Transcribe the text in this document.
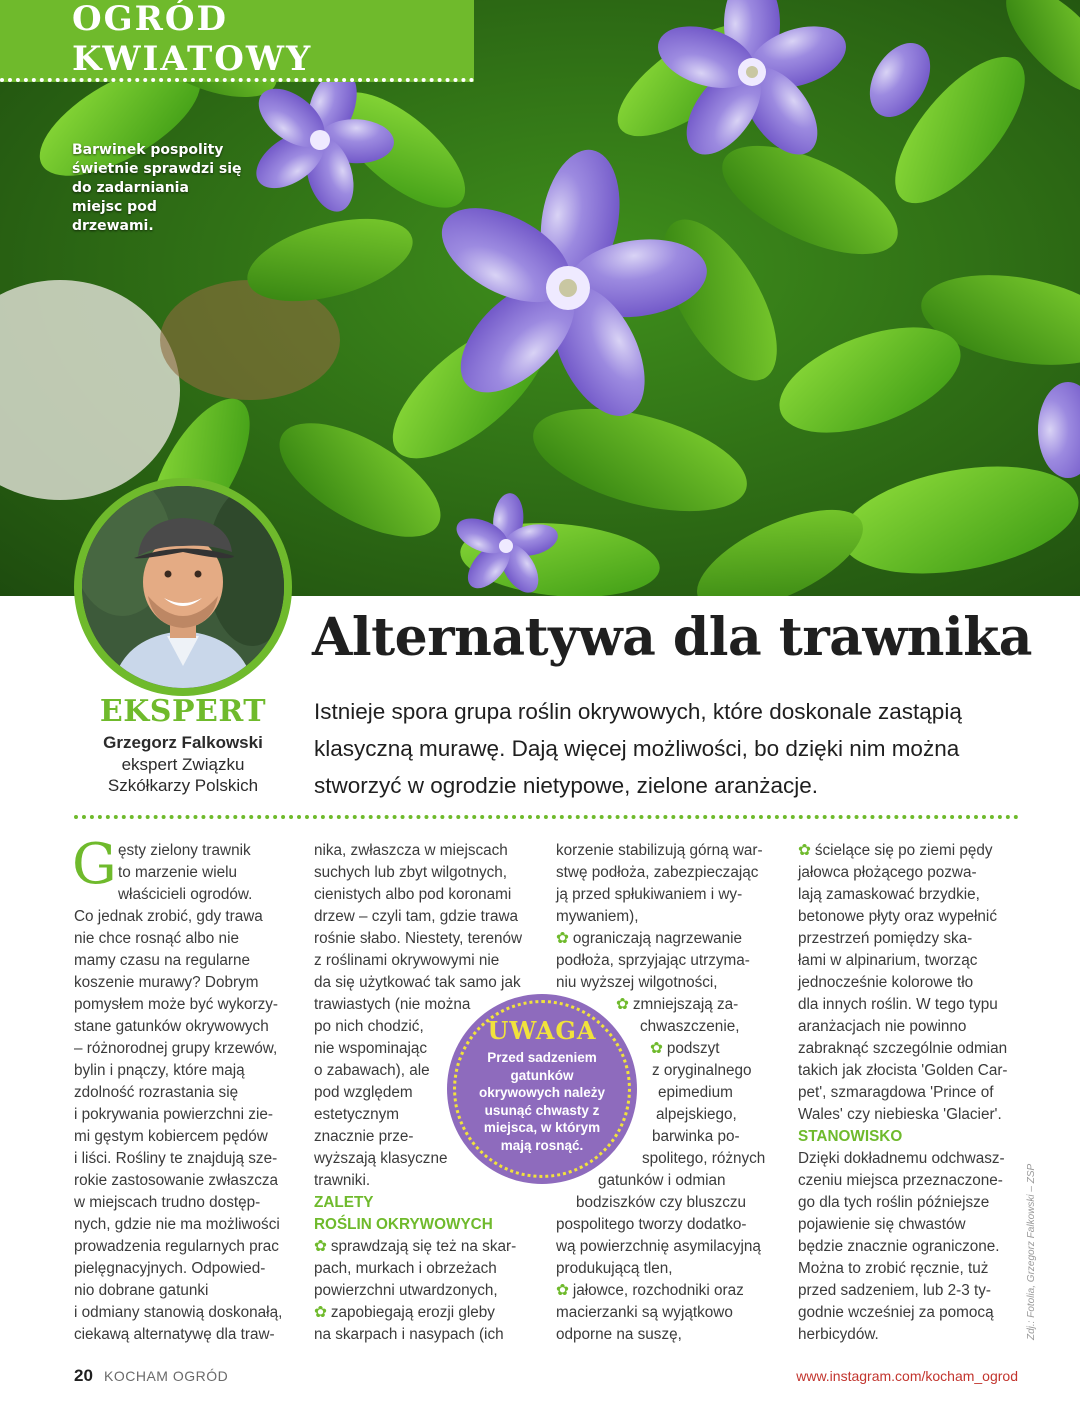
OGRÓD KWIATOWY
Barwinek pospolity świetnie sprawdzi się do zadarniania miejsc pod drzewami.
EKSPERT
Grzegorz Falkowski
ekspert Związku
Szkółkarzy Polskich
Alternatywa dla trawnika

Istnieje spora grupa roślin okrywowych, które doskonale zastąpią klasyczną murawę. Dają więcej możliwości, bo dzięki nim można stworzyć w ogrodzie nietypowe, zielone aranżacje.

G ęsty zielony trawnik

to marzenie wielu

właścicieli ogrodów.

Co jednak zrobić, gdy trawa

nie chce rosnąć albo nie

mamy czasu na regularne

koszenie murawy? Dobrym

pomysłem może być wykorzy-

stane gatunków okrywowych

– różnorodnej grupy krzewów,

bylin i pnączy, które mają

zdolność rozrastania się

i pokrywania powierzchni zie-

mi gęstym kobiercem pędów

i liści. Rośliny te znajdują sze-

rokie zastosowanie zwłaszcza

w miejscach trudno dostęp-

nych, gdzie nie ma możliwości

prowadzenia regularnych prac

pielęgnacyjnych. Odpowied-

nio dobrane gatunki

i odmiany stanowią doskonałą,

ciekawą alternatywę dla traw-

nika, zwłaszcza w miejscach

suchych lub zbyt wilgotnych,

cienistych albo pod koronami

drzew – czyli tam, gdzie trawa

rośnie słabo. Niestety, terenów

z roślinami okrywowymi nie

da się użytkować tak samo jak

trawiastych (nie można

po nich chodzić,

nie wspominając

o zabawach), ale

pod względem

estetycznym

znacznie prze-

wyższają klasyczne

trawniki.

ZALETY
ROŚLIN OKRYWOWYCH

✿ sprawdzają się też na skar-

pach, murkach i obrzeżach

powierzchni utwardzonych,

✿ zapobiegają erozji gleby

na skarpach i nasypach (ich

korzenie stabilizują górną war-

stwę podłoża, zabezpieczając

ją przed spłukiwaniem i wy-

mywaniem),

✿ ograniczają nagrzewanie

podłoża, sprzyjając utrzyma-

niu wyższej wilgotności,

✿ zmniejszają za-

chwaszczenie,

✿ podszyt

z oryginalnego

epimedium

alpejskiego,

barwinka po-

spolitego, różnych

gatunków i odmian

bodziszków czy bluszczu

pospolitego tworzy dodatko-

wą powierzchnię asymilacyjną

produkującą tlen,

✿ jałowce, rozchodniki oraz

macierzanki są wyjątkowo

odporne na suszę,

✿ ścielące się po ziemi pędy

jałowca płożącego pozwa-

lają zamaskować brzydkie,

betonowe płyty oraz wypełnić

przestrzeń pomiędzy ska-

łami w alpinarium, tworząc

jednocześnie kolorowe tło

dla innych roślin. W tego typu

aranżacjach nie powinno

zabraknąć szczególnie odmian

takich jak złocista 'Golden Car-

pet', szmaragdowa 'Prince of

Wales' czy niebieska 'Glacier'.

STANOWISKO

Dzięki dokładnemu odchwasz-

czeniu miejsca przeznaczone-

go dla tych roślin późniejsze

pojawienie się chwastów

będzie znacznie ograniczone.

Można to zrobić ręcznie, tuż

przed sadzeniem, lub 2-3 ty-

godnie wcześniej za pomocą

herbicydów.

UWAGA
Przed sadzeniem gatunków okrywowych należy usunąć chwasty z miejsca, w którym mają rosnąć.
20 KOCHAM OGRÓD	www.instagram.com/kocham_ogrod
Zdj.: Fotolia, Grzegorz Falkowski – ZSP
